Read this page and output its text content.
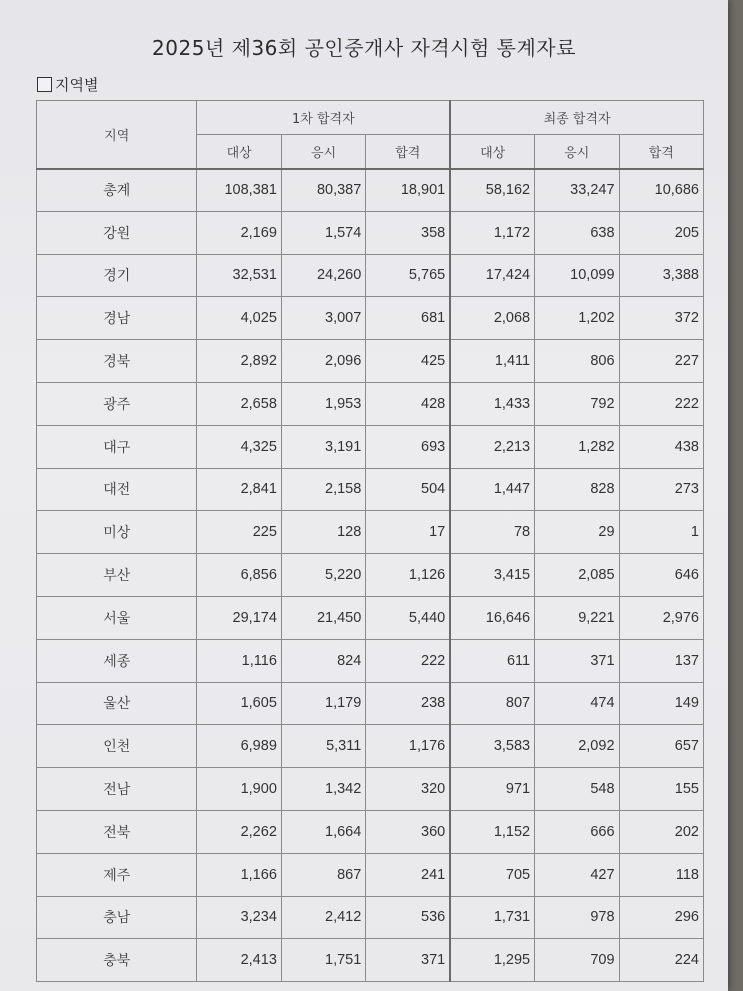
2025년 제36회 공인중개사 자격시험 통계자료
지역별
지역	1차 합격자			최종 합격자		
	대상	응시	합격	대상	응시	합격
총계	108,381	80,387	18,901	58,162	33,247	10,686
강원	2,169	1,574	358	1,172	638	205
경기	32,531	24,260	5,765	17,424	10,099	3,388
경남	4,025	3,007	681	2,068	1,202	372
경북	2,892	2,096	425	1,411	806	227
광주	2,658	1,953	428	1,433	792	222
대구	4,325	3,191	693	2,213	1,282	438
대전	2,841	2,158	504	1,447	828	273
미상	225	128	17	78	29	1
부산	6,856	5,220	1,126	3,415	2,085	646
서울	29,174	21,450	5,440	16,646	9,221	2,976
세종	1,116	824	222	611	371	137
울산	1,605	1,179	238	807	474	149
인천	6,989	5,311	1,176	3,583	2,092	657
전남	1,900	1,342	320	971	548	155
전북	2,262	1,664	360	1,152	666	202
제주	1,166	867	241	705	427	118
충남	3,234	2,412	536	1,731	978	296
충북	2,413	1,751	371	1,295	709	224
